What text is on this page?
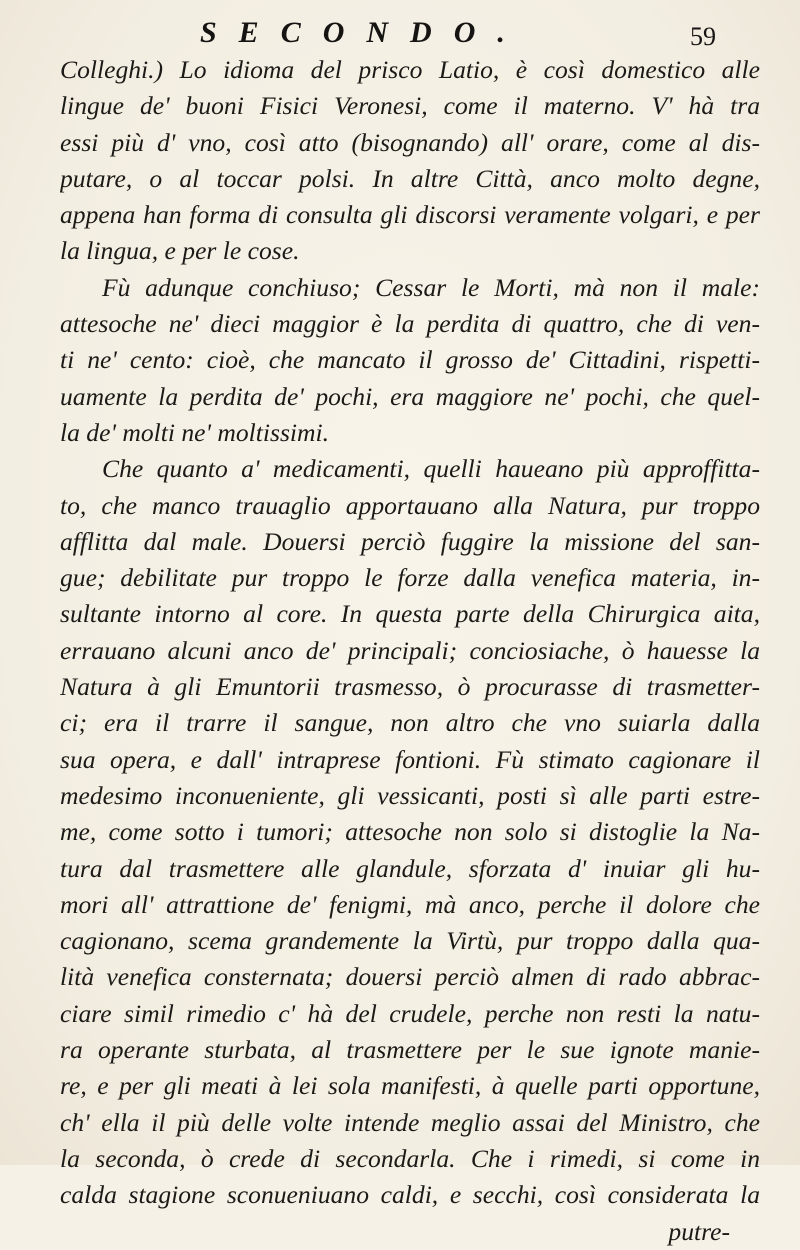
SECONDO.	59
Colleghi.) Lo idioma del prisco Latio, è così domestico alle
lingue de' buoni Fisici Veronesi, come il materno. V' hà tra
essi più d' vno, così atto (bisognando) all' orare, come al dis-
putare, o al toccar polsi. In altre Città, anco molto degne,
appena han forma di consulta gli discorsi veramente volgari, e per
la lingua, e per le cose.
Fù adunque conchiuso; Cessar le Morti, mà non il male:
attesoche ne' dieci maggior è la perdita di quattro, che di ven-
ti ne' cento: cioè, che mancato il grosso de' Cittadini, rispetti-
uamente la perdita de' pochi, era maggiore ne' pochi, che quel-
la de' molti ne' moltissimi.
Che quanto a' medicamenti, quelli haueano più approffitta-
to, che manco trauaglio apportauano alla Natura, pur troppo
afflitta dal male. Douersi perciò fuggire la missione del san-
gue; debilitate pur troppo le forze dalla venefica materia, in-
sultante intorno al core. In questa parte della Chirurgica aita,
errauano alcuni anco de' principali; conciosiache, ò hauesse la
Natura à gli Emuntorii trasmesso, ò procurasse di trasmetter-
ci; era il trarre il sangue, non altro che vno suiarla dalla
sua opera, e dall' intraprese fontioni. Fù stimato cagionare il
medesimo inconueniente, gli vessicanti, posti sì alle parti estre-
me, come sotto i tumori; attesoche non solo si distoglie la Na-
tura dal trasmettere alle glandule, sforzata d' inuiar gli hu-
mori all' attrattione de' fenigmi, mà anco, perche il dolore che
cagionano, scema grandemente la Virtù, pur troppo dalla qua-
lità venefica consternata; douersi perciò almen di rado abbrac-
ciare simil rimedio c' hà del crudele, perche non resti la natu-
ra operante sturbata, al trasmettere per le sue ignote manie-
re, e per gli meati à lei sola manifesti, à quelle parti opportune,
ch' ella il più delle volte intende meglio assai del Ministro, che
la seconda, ò crede di secondarla. Che i rimedi, si come in
calda stagione sconueniuano caldi, e secchi, così considerata la
putre-
